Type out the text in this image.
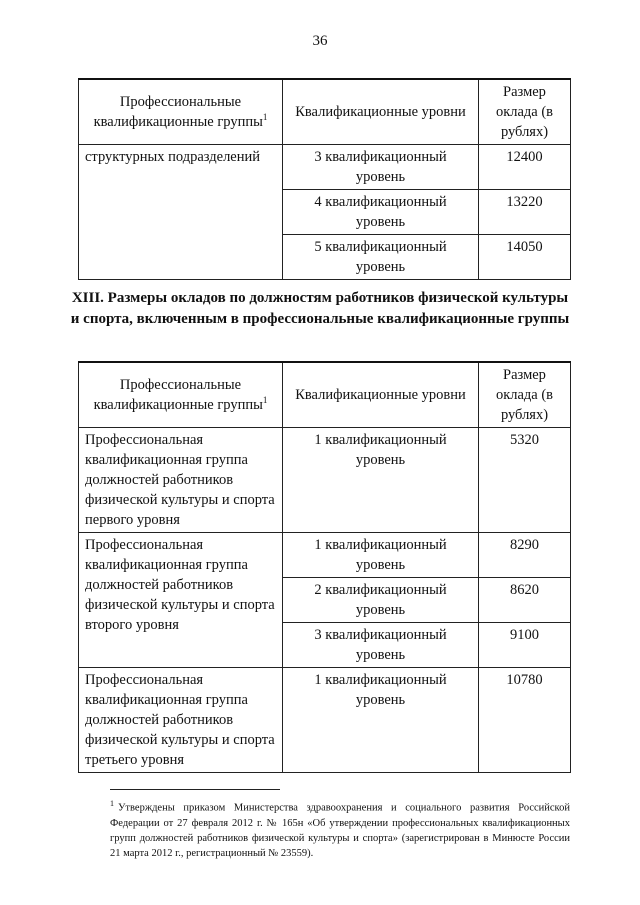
36
Профессиональные квалификационные группы$^1$	Квалификационные уровни	Размер оклада (в рублях)
структурных подразделений	3 квалификационный уровень	12400
	4 квалификационный уровень	13220
	5 квалификационный уровень	14050
XIII. Размеры окладов по должностям работников физической культуры и спорта, включенным в профессиональные квалификационные группы
Профессиональные квалификационные группы$^1$	Квалификационные уровни	Размер оклада (в рублях)
Профессиональная квалификационная группа должностей работников физической культуры и спорта первого уровня	1 квалификационный уровень	5320
Профессиональная квалификационная группа должностей работников физической культуры и спорта второго уровня	1 квалификационный уровень	8290
	2 квалификационный уровень	8620
	3 квалификационный уровень	9100
Профессиональная квалификационная группа должностей работников физической культуры и спорта третьего уровня	1 квалификационный уровень	10780
$^1$ Утверждены приказом Министерства здравоохранения и социального развития Российской Федерации от 27 февраля 2012 г. № 165н «Об утверждении профессиональных квалификационных групп должностей работников физической культуры и спорта» (зарегистрирован в Минюсте России 21 марта 2012 г., регистрационный № 23559).
